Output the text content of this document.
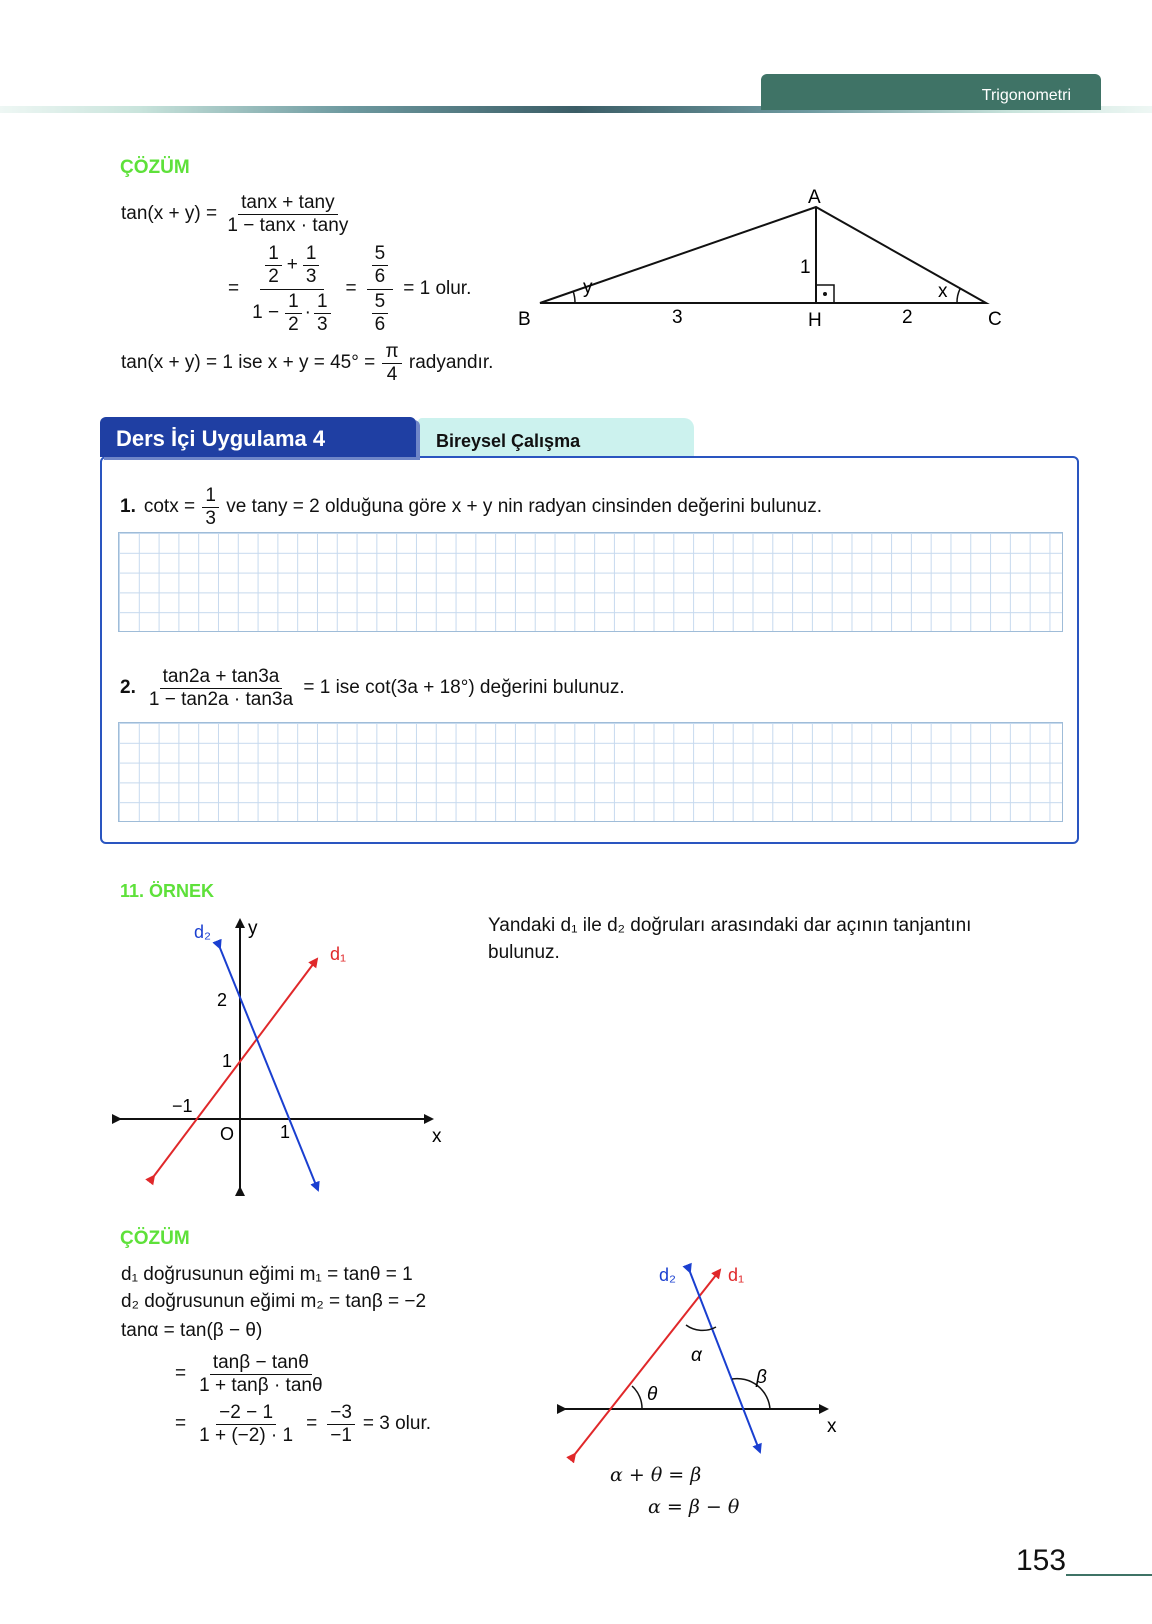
Trigonometri
ÇÖZÜM
tan(x + y) =
$\frac{\tan x + \tan y}{1 - \tan x \cdot \tan y}$
= $\frac{\frac{1}{2} + \frac{1}{3}}{1 - \frac{1}{2} \cdot \frac{1}{3}} = \frac{\frac{5}{6}}{\frac{5}{6}} = 1$ olur.
tan(x + y) = 1 ise x + y = 45° =
$\frac{\pi}{4}$
radyandır.
A
B	C
H
y	x
1
3	2
Bireysel Çalışma
Ders İçi Uygulama 4
1. cotx =
$\frac{1}{3}$
ve tany = 2 olduğuna göre x + y nin radyan cinsinden değerini bulunuz.
2. $\frac{\tan 2a + \tan 3a}{1 - \tan 2a \cdot \tan 3a}$
= 1 ise cot(3a + 18°) değerini bulunuz.
11. ÖRNEK
Yandaki d₁ ile d₂ doğruları arasındaki dar açının tanjantını
bulunuz.
d₂
d₁
y
x
O	1
−1
1
2
ÇÖZÜM
d₁ doğrusunun eğimi m₁ = tanθ = 1
d₂ doğrusunun eğimi m₂ = tanβ = −2
tanα = tan(β − θ)
= $\frac{\tan\beta - \tan\theta}{1 + \tan\beta \cdot \tan\theta}$
= $\frac{-2 - 1}{1 + (-2) \cdot 1} = \frac{-3}{-1} = 3$ olur.
d₂	d₁
x
α
θ
β
α + θ = β
α = β − θ
153
